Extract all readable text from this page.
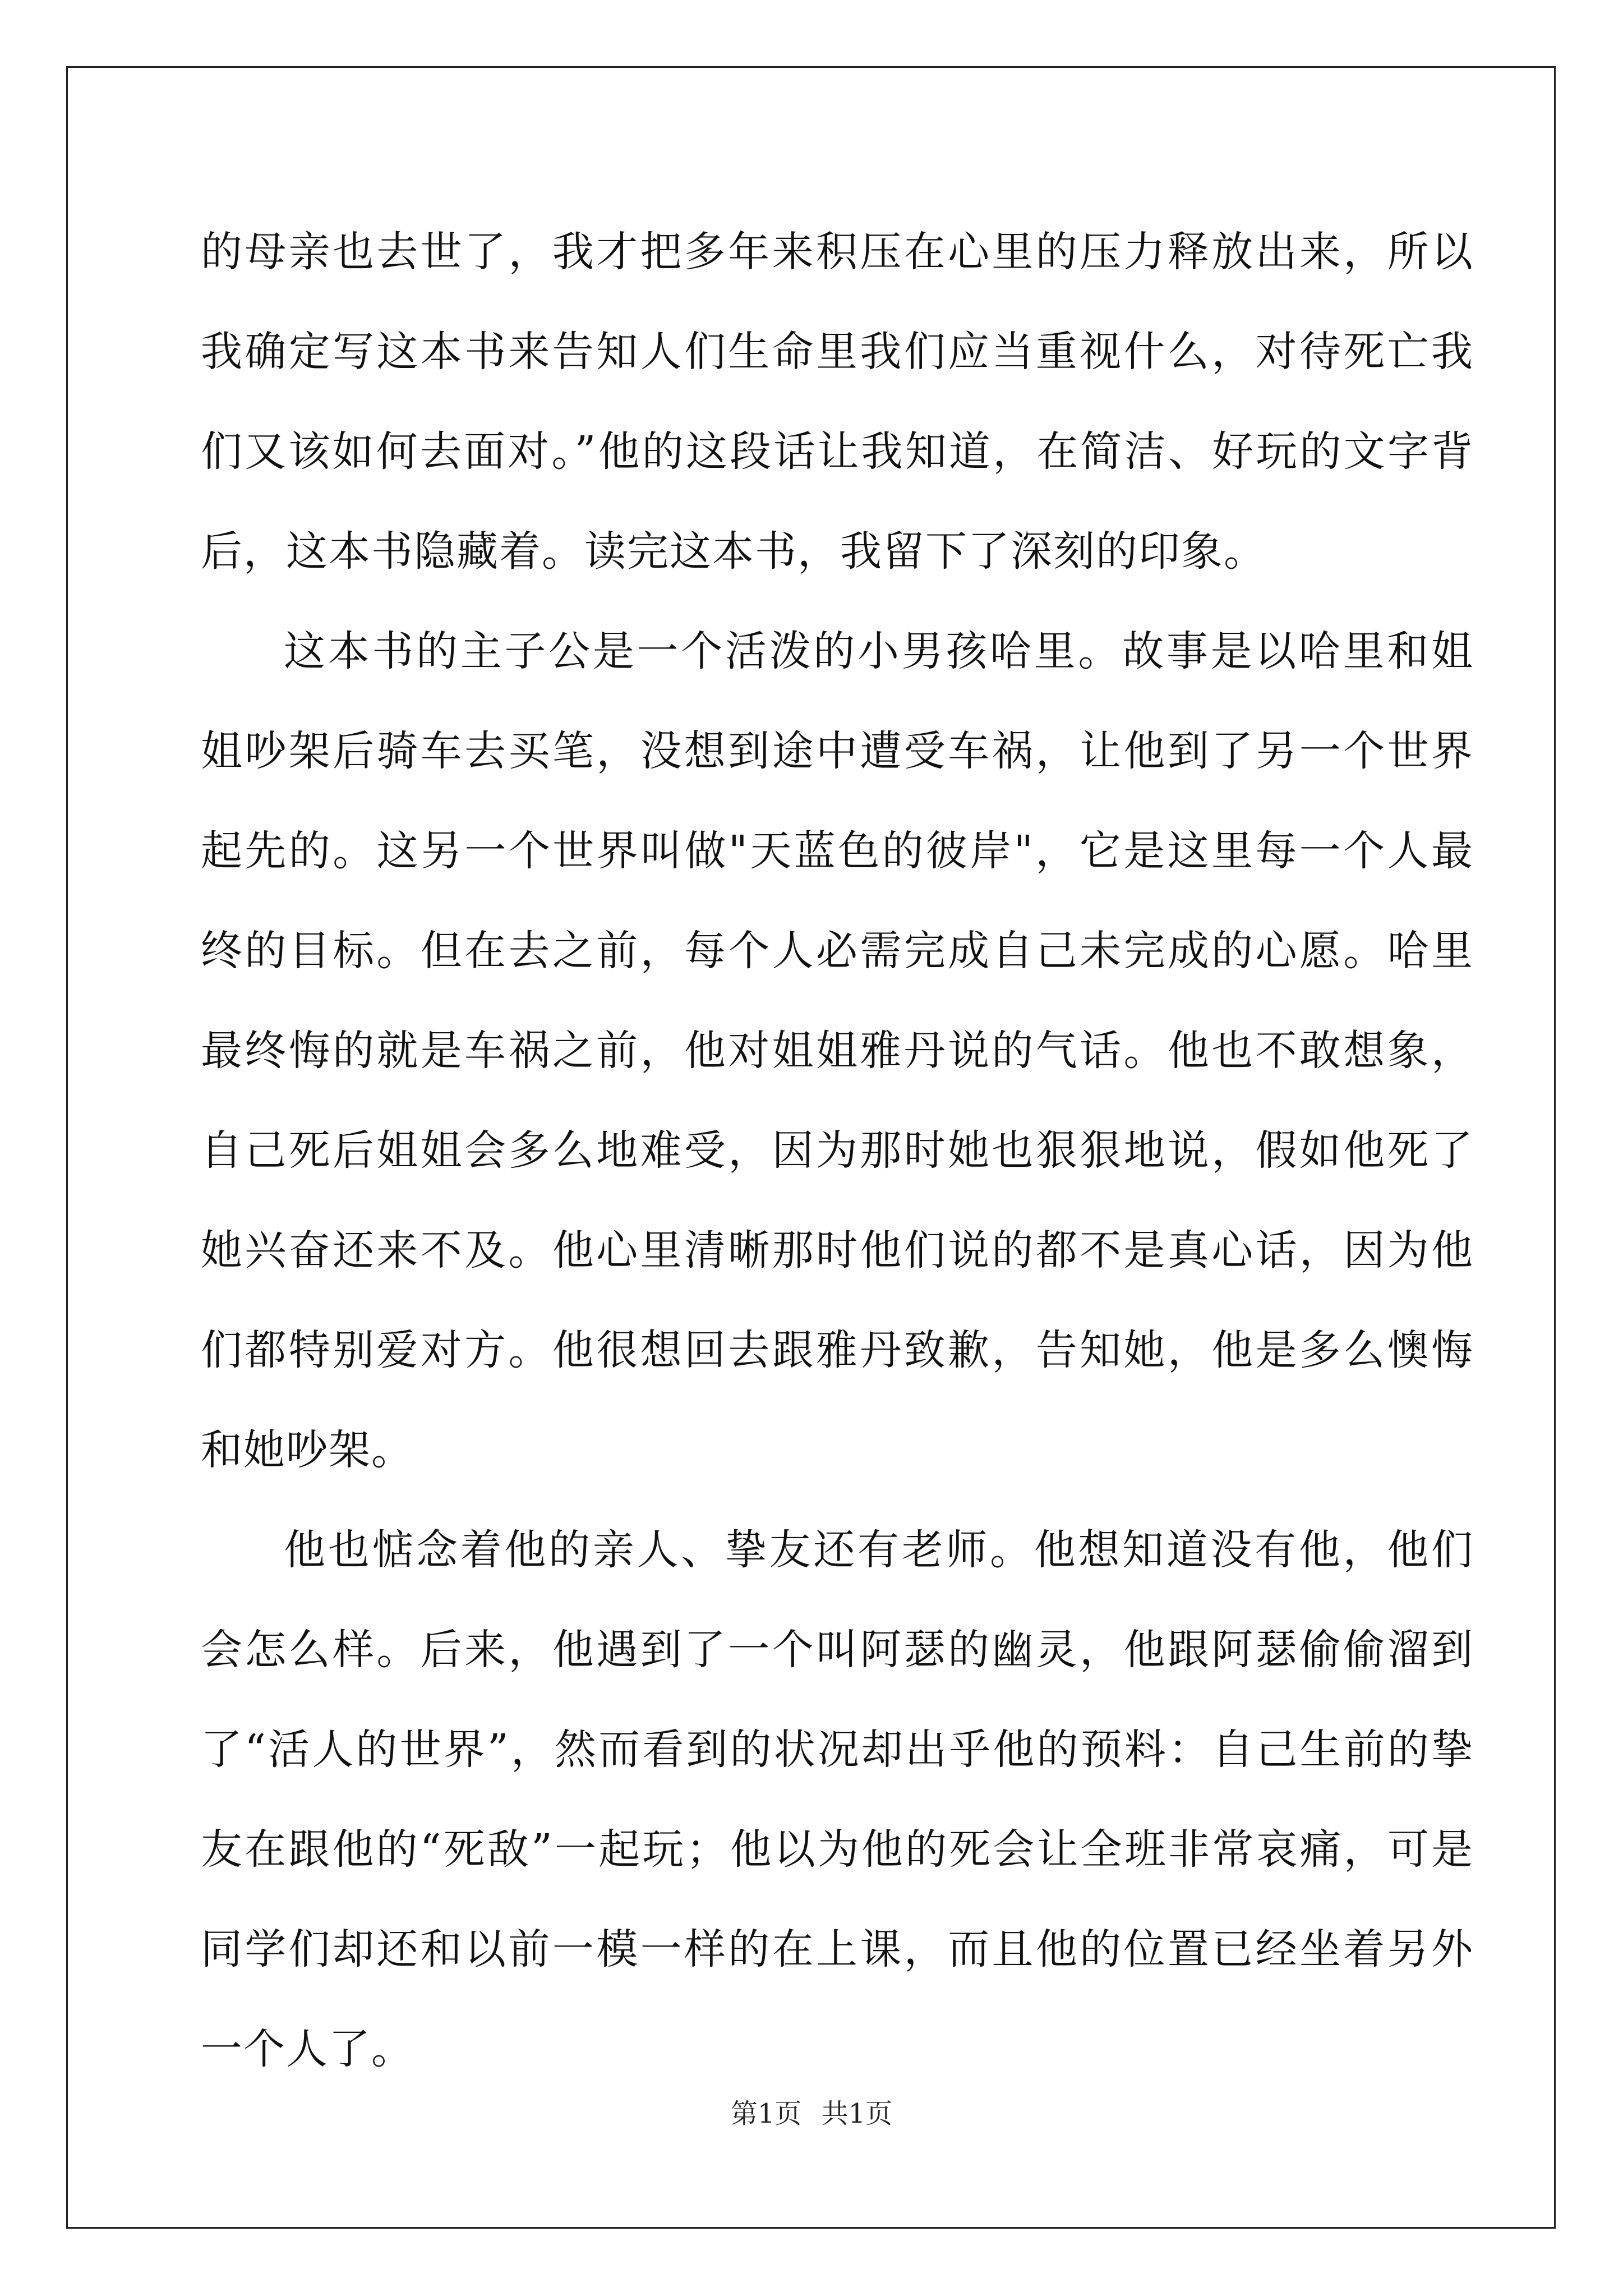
的母亲也去世了，我才把多年来积压在心里的压力释放出来，所以我确定写这本书来告知人们生命里我们应当重视什么，对待死亡我们又该如何去面对。”他的这段话让我知道，在简洁、好玩的文字背后，这本书隐藏着。读完这本书，我留下了深刻的印象。

这本书的主子公是一个活泼的小男孩哈里。故事是以哈里和姐姐吵架后骑车去买笔，没想到途中遭受车祸，让他到了另一个世界起先的。这另一个世界叫做"天蓝色的彼岸"，它是这里每一个人最终的目标。但在去之前，每个人必需完成自己未完成的心愿。哈里最终悔的就是车祸之前，他对姐姐雅丹说的气话。他也不敢想象，自己死后姐姐会多么地难受，因为那时她也狠狠地说，假如他死了她兴奋还来不及。他心里清晰那时他们说的都不是真心话，因为他们都特别爱对方。他很想回去跟雅丹致歉，告知她，他是多么懊悔和她吵架。

他也惦念着他的亲人、挚友还有老师。他想知道没有他，他们会怎么样。后来，他遇到了一个叫阿瑟的幽灵，他跟阿瑟偷偷溜到了“活人的世界”，然而看到的状况却出乎他的预料：自己生前的挚友在跟他的“死敌”一起玩；他以为他的死会让全班非常哀痛，可是同学们却还和以前一模一样的在上课，而且他的位置已经坐着另外一个人了。

第1页 共1页
